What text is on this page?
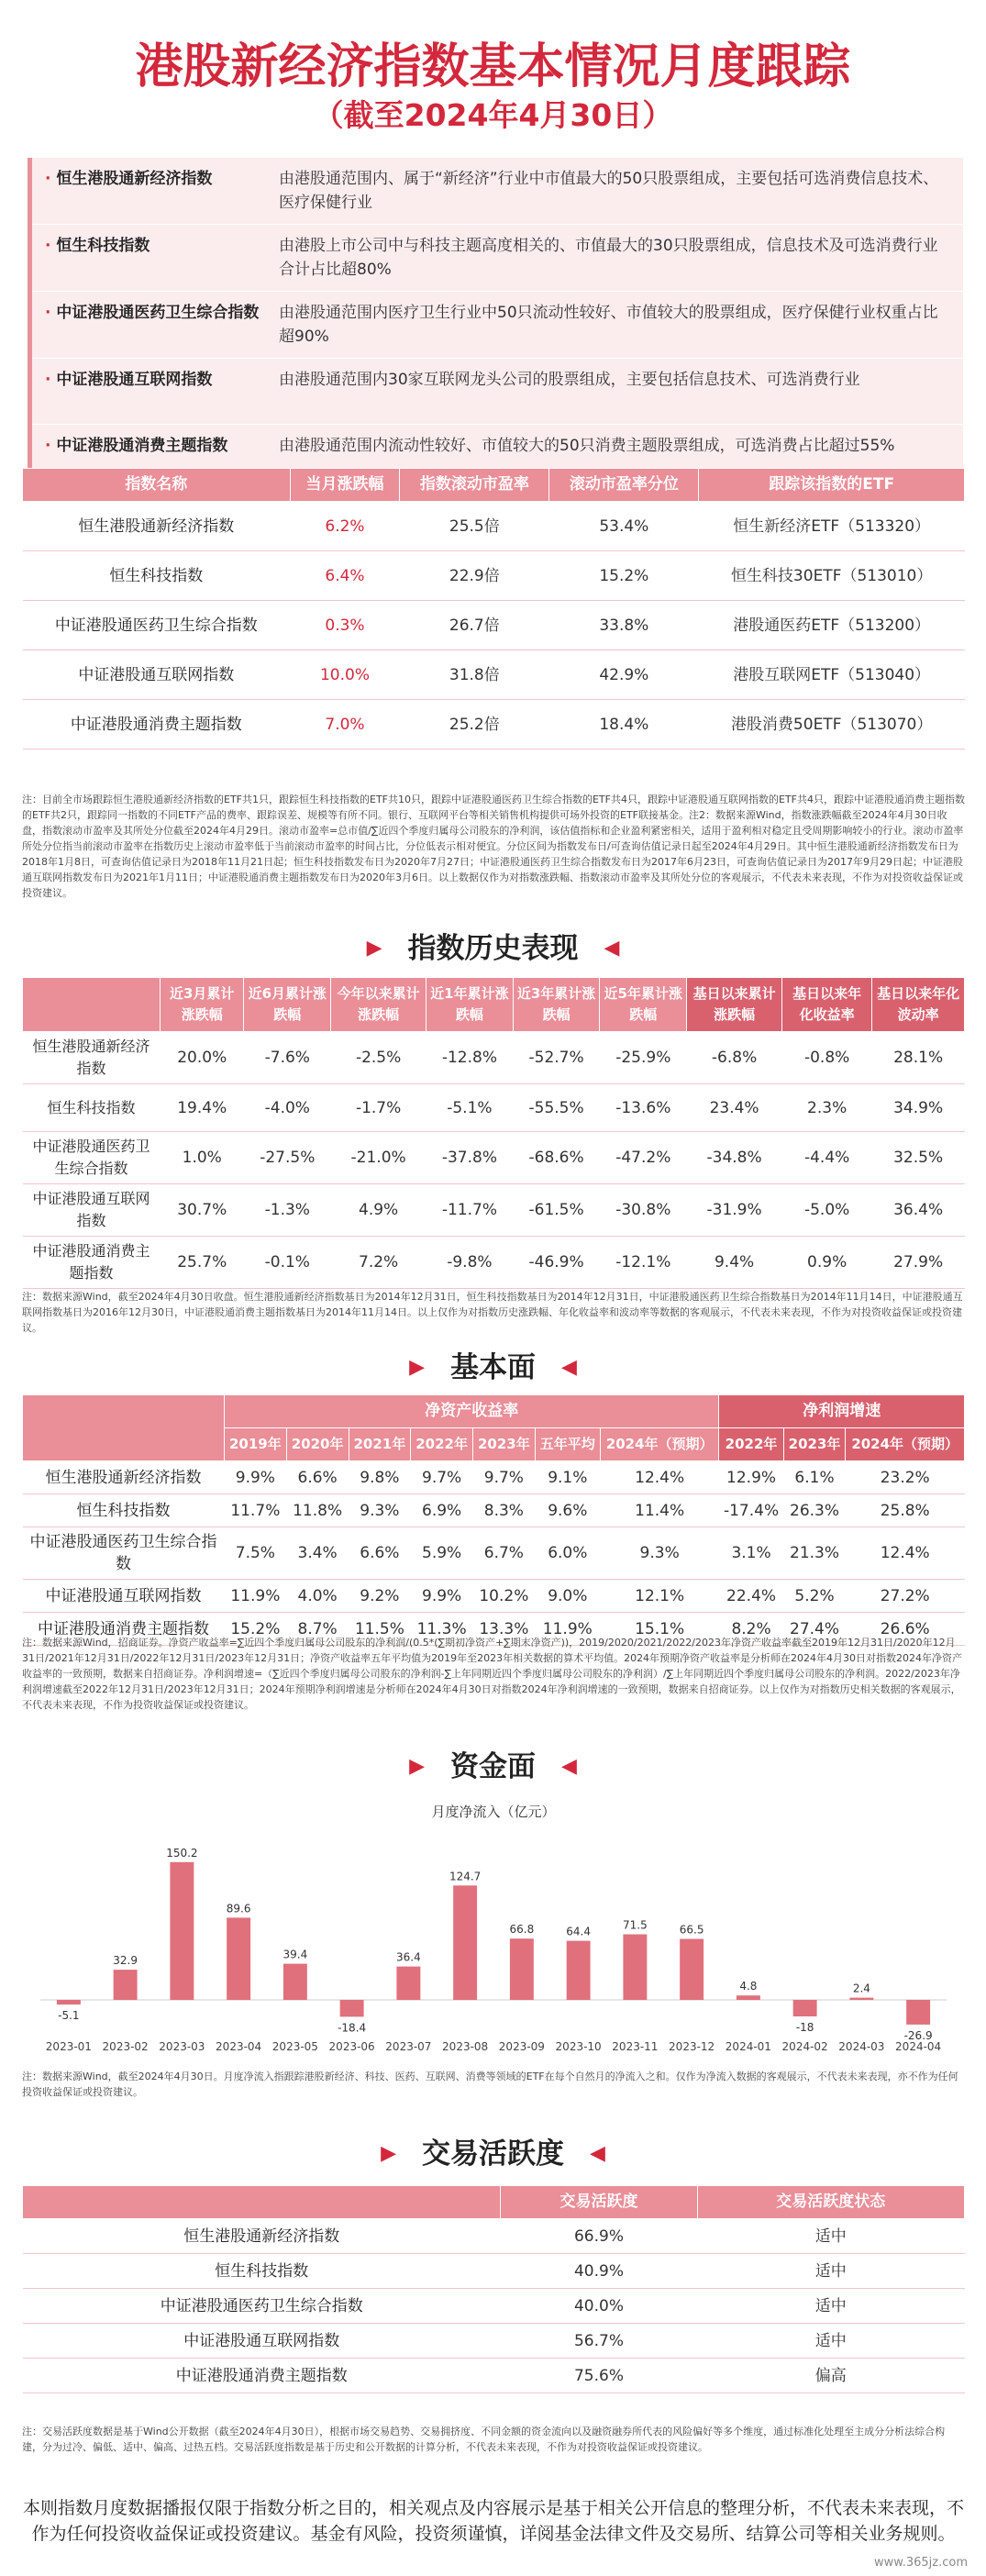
港股新经济指数基本情况月度跟踪
（截至2024年4月30日）
· 恒生港股通新经济指数	由港股通范围内、属于“新经济”行业中市值最大的50只股票组成，主要包括可选消费信息技术、医疗保健行业
· 恒生科技指数	由港股上市公司中与科技主题高度相关的、市值最大的30只股票组成，信息技术及可选消费行业合计占比超80%
· 中证港股通医药卫生综合指数	由港股通范围内医疗卫生行业中50只流动性较好、市值较大的股票组成，医疗保健行业权重占比超90%
· 中证港股通互联网指数	由港股通范围内30家互联网龙头公司的股票组成，主要包括信息技术、可选消费行业
· 中证港股通消费主题指数	由港股通范围内流动性较好、市值较大的50只消费主题股票组成，可选消费占比超过55%
指数名称	当月涨跌幅	指数滚动市盈率	滚动市盈率分位	跟踪该指数的ETF
恒生港股通新经济指数	6.2%	25.5倍	53.4%	恒生新经济ETF（513320）
恒生科技指数	6.4%	22.9倍	15.2%	恒生科技30ETF（513010）
中证港股通医药卫生综合指数	0.3%	26.7倍	33.8%	港股通医药ETF（513200）
中证港股通互联网指数	10.0%	31.8倍	42.9%	港股互联网ETF（513040）
中证港股通消费主题指数	7.0%	25.2倍	18.4%	港股消费50ETF（513070）
注：目前全市场跟踪恒生港股通新经济指数的ETF共1只，跟踪恒生科技指数的ETF共10只，跟踪中证港股通医药卫生综合指数的ETF共4只，跟踪中证港股通互联网指数的ETF共4只，跟踪中证港股通消费主题指数的ETF共2只，跟踪同一指数的不同ETF产品的费率、跟踪误差、规模等有所不同。银行、互联网平台等相关销售机构提供可场外投资的ETF联接基金。注2：数据来源Wind，指数涨跌幅截至2024年4月30日收盘，指数滚动市盈率及其所处分位截至2024年4月29日。滚动市盈率=总市值/∑近四个季度归属母公司股东的净利润，该估值指标和企业盈利紧密相关，适用于盈利相对稳定且受周期影响较小的行业。滚动市盈率所处分位指当前滚动市盈率在指数历史上滚动市盈率低于当前滚动市盈率的时间占比，分位低表示相对便宜。分位区间为指数发布日/可查询估值记录日起至2024年4月29日。其中恒生港股通新经济指数发布日为2018年1月8日，可查询估值记录日为2018年11月21日起；恒生科技指数发布日为2020年7月27日；中证港股通医药卫生综合指数发布日为2017年6月23日，可查询估值记录日为2017年9月29日起；中证港股通互联网指数发布日为2021年1月11日；中证港股通消费主题指数发布日为2020年3月6日。以上数据仅作为对指数涨跌幅、指数滚动市盈率及其所处分位的客观展示，不代表未来表现，不作为对投资收益保证或投资建议。
▶ 指数历史表现 ◀
	近3月累计涨跌幅	近6月累计涨跌幅	今年以来累计涨跌幅	近1年累计涨跌幅	近3年累计涨跌幅	近5年累计涨跌幅	基日以来累计涨跌幅	基日以来年化收益率	基日以来年化波动率
恒生港股通新经济指数	20.0%	-7.6%	-2.5%	-12.8%	-52.7%	-25.9%	-6.8%	-0.8%	28.1%
恒生科技指数	19.4%	-4.0%	-1.7%	-5.1%	-55.5%	-13.6%	23.4%	2.3%	34.9%
中证港股通医药卫生综合指数	1.0%	-27.5%	-21.0%	-37.8%	-68.6%	-47.2%	-34.8%	-4.4%	32.5%
中证港股通互联网指数	30.7%	-1.3%	4.9%	-11.7%	-61.5%	-30.8%	-31.9%	-5.0%	36.4%
中证港股通消费主题指数	25.7%	-0.1%	7.2%	-9.8%	-46.9%	-12.1%	9.4%	0.9%	27.9%
注：数据来源Wind，截至2024年4月30日收盘。恒生港股通新经济指数基日为2014年12月31日，恒生科技指数基日为2014年12月31日，中证港股通医药卫生综合指数基日为2014年11月14日，中证港股通互联网指数基日为2016年12月30日，中证港股通消费主题指数基日为2014年11月14日。以上仅作为对指数历史涨跌幅、年化收益率和波动率等数据的客观展示，不代表未来表现，不作为对投资收益保证或投资建议。
▶ 基本面 ◀
	净资产收益率							净利润增速		
	2019年	2020年	2021年	2022年	2023年	五年平均	2024年（预期）	2022年	2023年	2024年（预期）
恒生港股通新经济指数	9.9%	6.6%	9.8%	9.7%	9.7%	9.1%	12.4%	12.9%	6.1%	23.2%
恒生科技指数	11.7%	11.8%	9.3%	6.9%	8.3%	9.6%	11.4%	-17.4%	26.3%	25.8%
中证港股通医药卫生综合指数	7.5%	3.4%	6.6%	5.9%	6.7%	6.0%	9.3%	3.1%	21.3%	12.4%
中证港股通互联网指数	11.9%	4.0%	9.2%	9.9%	10.2%	9.0%	12.1%	22.4%	5.2%	27.2%
中证港股通消费主题指数	15.2%	8.7%	11.5%	11.3%	13.3%	11.9%	15.1%	8.2%	27.4%	26.6%
注：数据来源Wind，招商证券。净资产收益率=∑近四个季度归属母公司股东的净利润/(0.5*(∑期初净资产+∑期末净资产))，2019/2020/2021/2022/2023年净资产收益率截至2019年12月31日/2020年12月31日/2021年12月31日/2022年12月31日/2023年12月31日；净资产收益率五年平均值为2019年至2023年相关数据的算术平均值。2024年预期净资产收益率是分析师在2024年4月30日对指数2024年净资产收益率的一致预期，数据来自招商证券。净利润增速=（∑近四个季度归属母公司股东的净利润-∑上年同期近四个季度归属母公司股东的净利润）/∑上年同期近四个季度归属母公司股东的净利润。2022/2023年净利润增速截至2022年12月31日/2023年12月31日；2024年预期净利润增速是分析师在2024年4月30日对指数2024年净利润增速的一致预期，数据来自招商证券。以上仅作为对指数历史相关数据的客观展示，不代表未来表现，不作为投资收益保证或投资建议。
▶ 资金面 ◀
月度净流入（亿元）
-5.1
2023-01
32.9
2023-02
150.2
2023-03
89.6
2023-04
39.4
2023-05
-18.4
2023-06
36.4
2023-07
124.7
2023-08
66.8
2023-09
64.4
2023-10
71.5
2023-11
66.5
2023-12
4.8
2024-01
-18
2024-02
2.4
2024-03
-26.9
2024-04
注：数据来源Wind，截至2024年4月30日。月度净流入指跟踪港股新经济、科技、医药、互联网、消费等领域的ETF在每个自然月的净流入之和。仅作为净流入数据的客观展示，不代表未来表现，亦不作为任何投资收益保证或投资建议。
▶ 交易活跃度 ◀
	交易活跃度	交易活跃度状态
恒生港股通新经济指数	66.9%	适中
恒生科技指数	40.9%	适中
中证港股通医药卫生综合指数	40.0%	适中
中证港股通互联网指数	56.7%	适中
中证港股通消费主题指数	75.6%	偏高
注：交易活跃度数据是基于Wind公开数据（截至2024年4月30日），根据市场交易趋势、交易拥挤度、不同金额的资金流向以及融资融券所代表的风险偏好等多个维度，通过标准化处理至主成分分析法综合构建，分为过冷、偏低、适中、偏高、过热五档。交易活跃度指数是基于历史和公开数据的计算分析，不代表未来表现，不作为对投资收益保证或投资建议。
本则指数月度数据播报仅限于指数分析之目的，相关观点及内容展示是基于相关公开信息的整理分析，不代表未来表现，不作为任何投资收益保证或投资建议。基金有风险，投资须谨慎，详阅基金法律文件及交易所、结算公司等相关业务规则。
www.365jz.com
